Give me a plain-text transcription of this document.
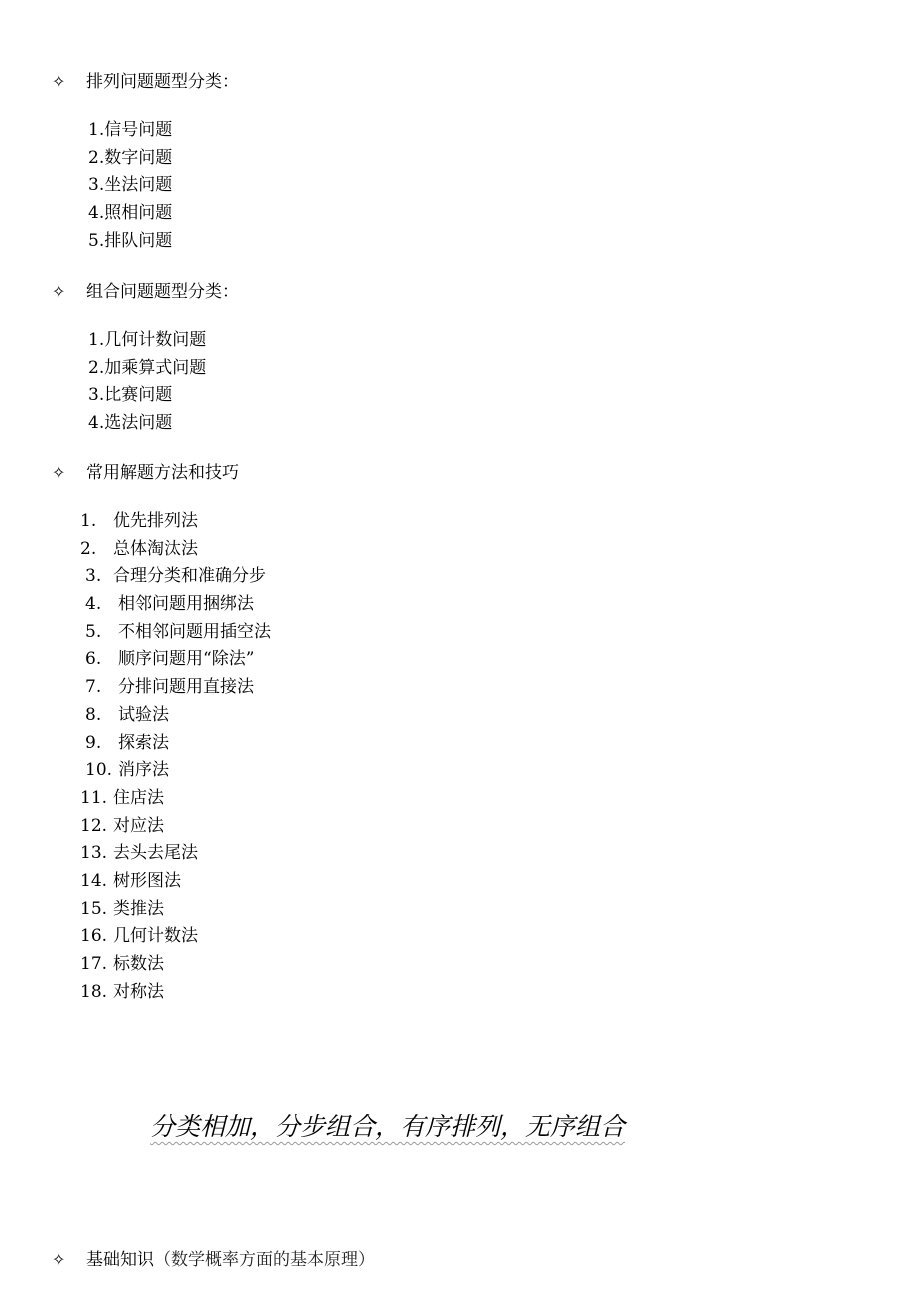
✧ 排列问题题型分类：
1.信号问题
2.数字问题
3.坐法问题
4.照相问题
5.排队问题
✧ 组合问题题型分类：
1.几何计数问题
2.加乘算式问题
3.比赛问题
4.选法问题
✧ 常用解题方法和技巧
1. 优先排列法
2. 总体淘汰法
3. 合理分类和准确分步
4. 相邻问题用捆绑法
5. 不相邻问题用插空法
6. 顺序问题用“除法”
7. 分排问题用直接法
8. 试验法
9. 探索法
10. 消序法
11. 住店法
12. 对应法
13. 去头去尾法
14. 树形图法
15. 类推法
16. 几何计数法
17. 标数法
18. 对称法
分类相加，分步组合，有序排列，无序组合
✧ 基础知识（数学概率方面的基本原理）
